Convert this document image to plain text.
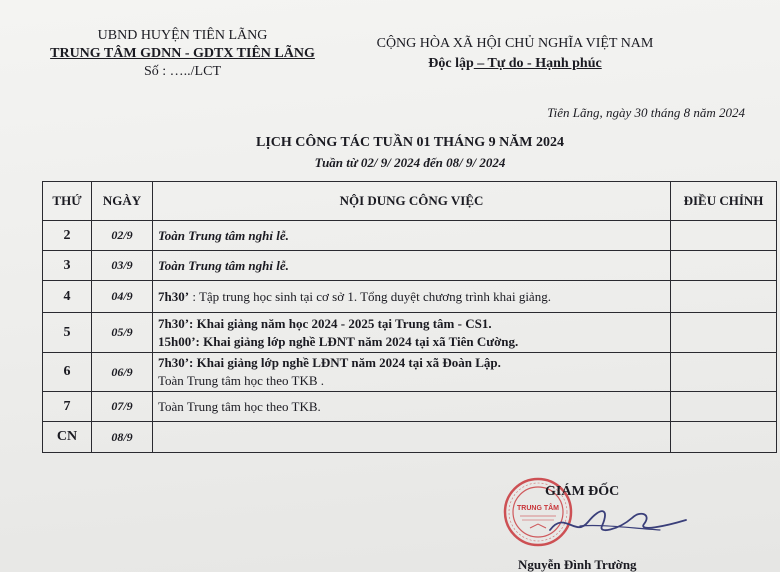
UBND HUYỆN TIÊN LÃNG
TRUNG TÂM GDNN - GDTX TIÊN LÃNG
Số : …../LCT
CỘNG HÒA XÃ HỘI CHỦ NGHĨA VIỆT NAM
Độc lập – Tự do - Hạnh phúc
Tiên Lãng, ngày 30 tháng 8 năm 2024
LỊCH CÔNG TÁC TUẦN 01 THÁNG 9 NĂM 2024
Tuần từ 02/ 9/ 2024 đến 08/ 9/ 2024
THỨ	NGÀY	NỘI DUNG CÔNG VIỆC	ĐIỀU CHỈNH
2	02/9	Toàn Trung tâm nghỉ lễ.	
3	03/9	Toàn Trung tâm nghỉ lễ.	
4	04/9	7h30’ : Tập trung học sinh tại cơ sở 1. Tổng duyệt chương trình khai giảng.	
5	05/9	7h30’: Khai giảng năm học 2024 - 2025 tại Trung tâm - CS1.
15h00’: Khai giảng lớp nghề LĐNT năm 2024 tại xã Tiên Cường.	

6	06/9	7h30’: Khai giảng lớp nghề LĐNT năm 2024 tại xã Đoàn Lập.
Toàn Trung tâm học theo TKB .	

7	07/9	Toàn Trung tâm học theo TKB.	
CN	08/9		
TRUNG TÂM
GIÁM ĐỐC
Nguyễn Đình Trường
